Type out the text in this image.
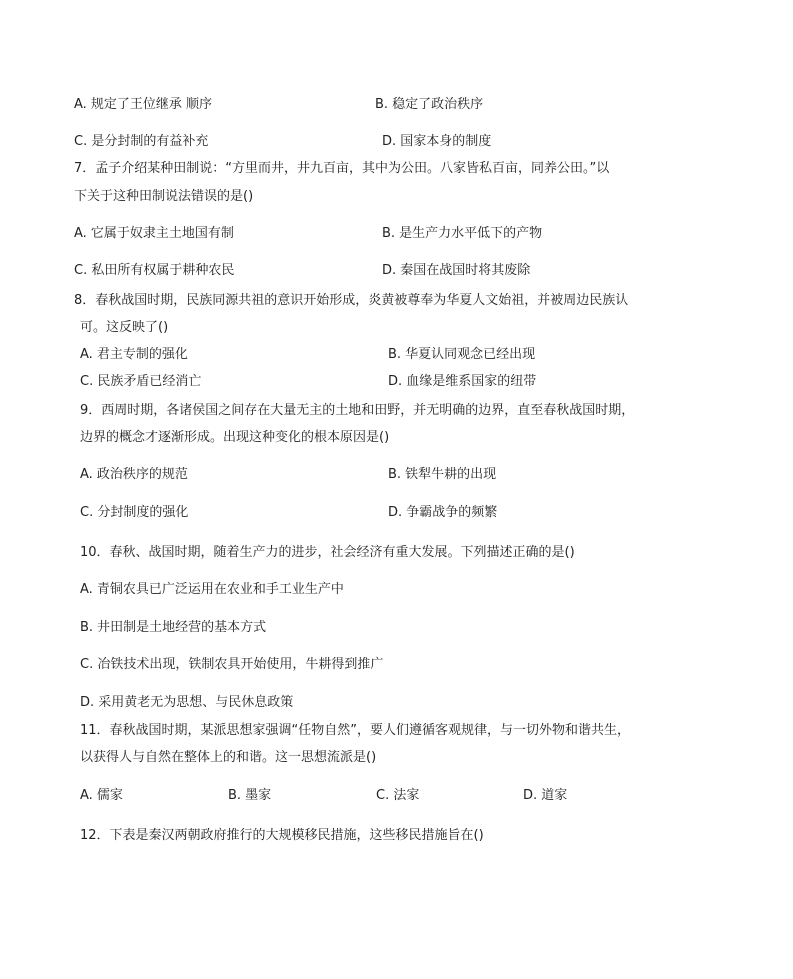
A. 规定了王位继承 顺序	B. 稳定了政治秩序
C. 是分封制的有益补充	D. 国家本身的制度
7．孟子介绍某种田制说：“方里而井，井九百亩，其中为公田。八家皆私百亩，同养公田。”以
下关于这种田制说法错误的是()
A. 它属于奴隶主土地国有制	B. 是生产力水平低下的产物
C. 私田所有权属于耕种农民	D. 秦国在战国时将其废除
8．春秋战国时期，民族同源共祖的意识开始形成，炎黄被尊奉为华夏人文始祖，并被周边民族认
可。这反映了()
A. 君主专制的强化	B. 华夏认同观念已经出现
C. 民族矛盾已经消亡	D. 血缘是维系国家的纽带
9．西周时期，各诸侯国之间存在大量无主的土地和田野，并无明确的边界，直至春秋战国时期，
边界的概念才逐渐形成。出现这种变化的根本原因是()
A. 政治秩序的规范	B. 铁犁牛耕的出现
C. 分封制度的强化	D. 争霸战争的频繁
10．春秋、战国时期，随着生产力的进步，社会经济有重大发展。下列描述正确的是()
A. 青铜农具已广泛运用在农业和手工业生产中
B. 井田制是土地经营的基本方式
C. 冶铁技术出现，铁制农具开始使用，牛耕得到推广
D. 采用黄老无为思想、与民休息政策
11．春秋战国时期，某派思想家强调“任物自然”，要人们遵循客观规律，与一切外物和谐共生，
以获得人与自然在整体上的和谐。这一思想流派是()
A. 儒家	B. 墨家	C. 法家	D. 道家
12．下表是秦汉两朝政府推行的大规模移民措施，这些移民措施旨在()
